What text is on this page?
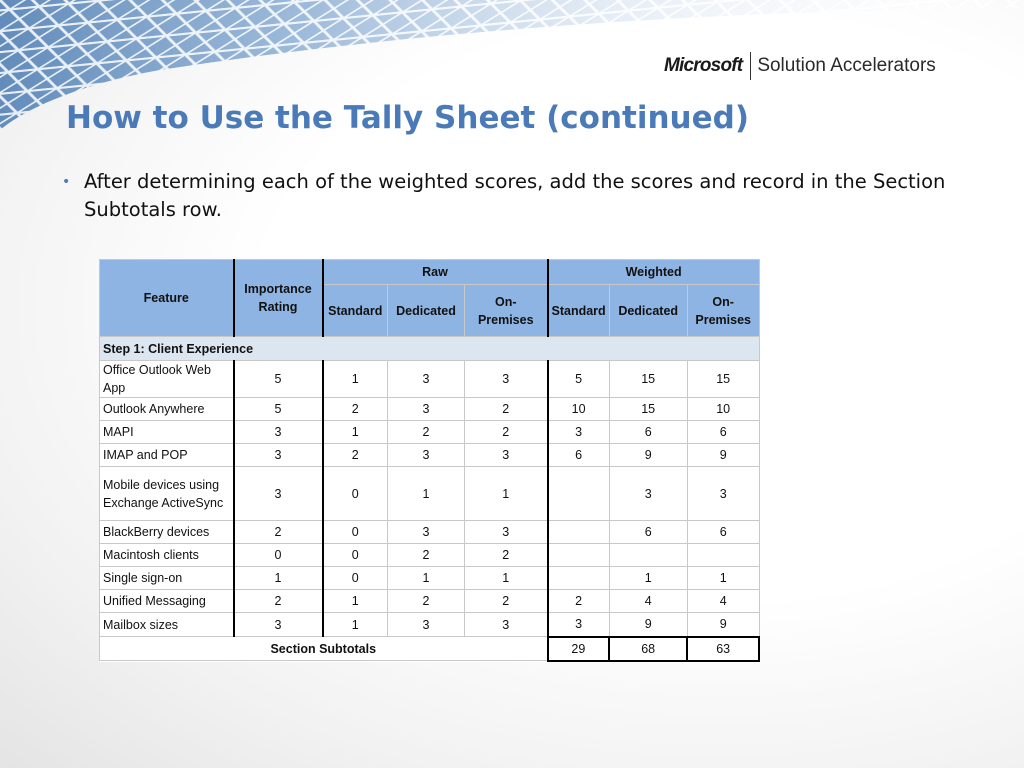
Microsoft Solution Accelerators
How to Use the Tally Sheet (continued)
• After determining each of the weighted scores, add the scores and record in the Section Subtotals row.
Feature	Importance Rating	Raw			Weighted		
		Standard	Dedicated	On-Premises	Standard	Dedicated	On-Premises
Step 1: Client Experience							
Office Outlook Web App	5	1	3	3	5	15	15
Outlook Anywhere	5	2	3	2	10	15	10
MAPI	3	1	2	2	3	6	6
IMAP and POP	3	2	3	3	6	9	9
Mobile devices using Exchange ActiveSync	3	0	1	1		3	3
BlackBerry devices	2	0	3	3		6	6
Macintosh clients	0	0	2	2			
Single sign-on	1	0	1	1		1	1
Unified Messaging	2	1	2	2	2	4	4
Mailbox sizes	3	1	3	3	3	9	9
Section Subtotals					29	68	63
